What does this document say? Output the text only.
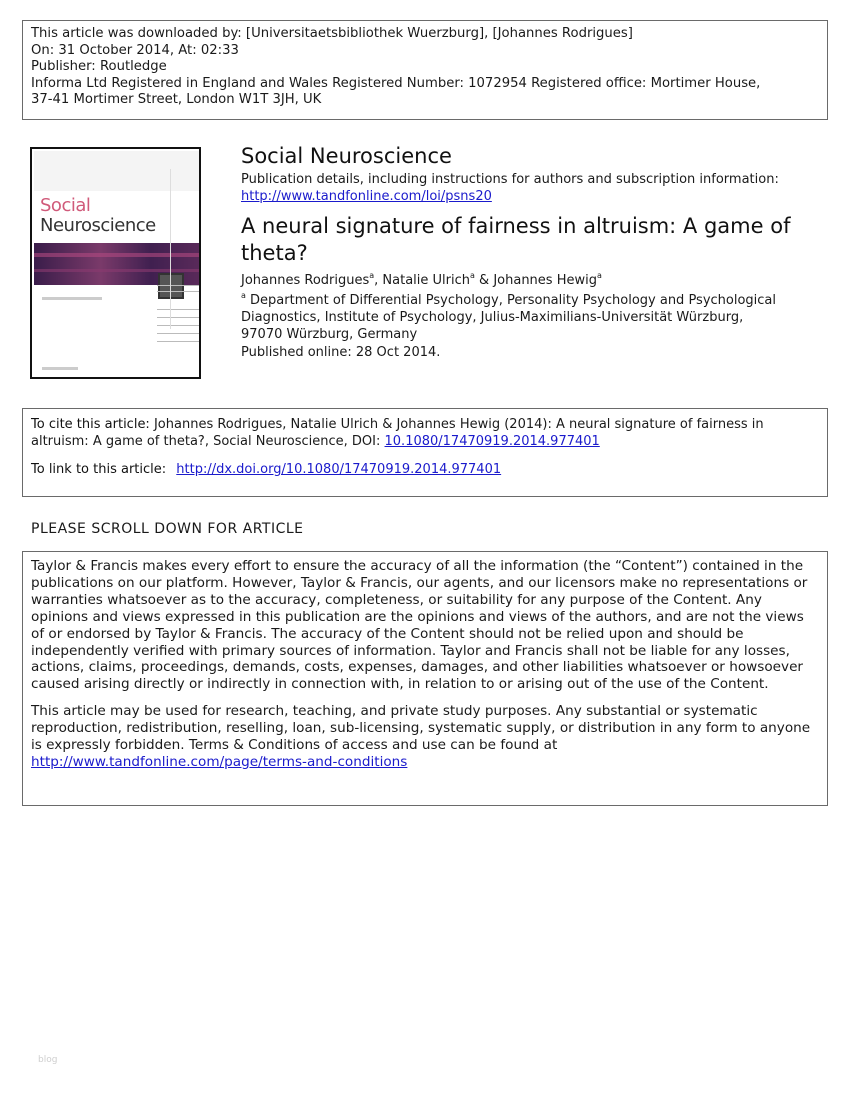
This article was downloaded by: [Universitaetsbibliothek Wuerzburg], [Johannes Rodrigues]
On: 31 October 2014, At: 02:33
Publisher: Routledge
Informa Ltd Registered in England and Wales Registered Number: 1072954 Registered office: Mortimer House,
37-41 Mortimer Street, London W1T 3JH, UK
Social
Neuroscience
Social Neuroscience
Publication details, including instructions for authors and subscription information:
http://www.tandfonline.com/loi/psns20
A neural signature of fairness in altruism: A game of theta?
Johannes Rodrigues$^a$, Natalie Ulrich$^a$ & Johannes Hewig$^a$
$^a$ Department of Differential Psychology, Personality Psychology and Psychological Diagnostics, Institute of Psychology, Julius-Maximilians-Universität Würzburg, 97070 Würzburg, Germany
Published online: 28 Oct 2014.
To cite this article: Johannes Rodrigues, Natalie Ulrich & Johannes Hewig (2014): A neural signature of fairness in altruism: A game of theta?, Social Neuroscience, DOI: 10.1080/17470919.2014.977401
To link to this article: http://dx.doi.org/10.1080/17470919.2014.977401
PLEASE SCROLL DOWN FOR ARTICLE

Taylor & Francis makes every effort to ensure the accuracy of all the information (the “Content”) contained in the publications on our platform. However, Taylor & Francis, our agents, and our licensors make no representations or warranties whatsoever as to the accuracy, completeness, or suitability for any purpose of the Content. Any opinions and views expressed in this publication are the opinions and views of the authors, and are not the views of or endorsed by Taylor & Francis. The accuracy of the Content should not be relied upon and should be independently verified with primary sources of information. Taylor and Francis shall not be liable for any losses, actions, claims, proceedings, demands, costs, expenses, damages, and other liabilities whatsoever or howsoever caused arising directly or indirectly in connection with, in relation to or arising out of the use of the Content.

This article may be used for research, teaching, and private study purposes. Any substantial or systematic reproduction, redistribution, reselling, loan, sub-licensing, systematic supply, or distribution in any form to anyone is expressly forbidden. Terms & Conditions of access and use can be found at http://www.tandfonline.com/page/terms-and-conditions

blog
